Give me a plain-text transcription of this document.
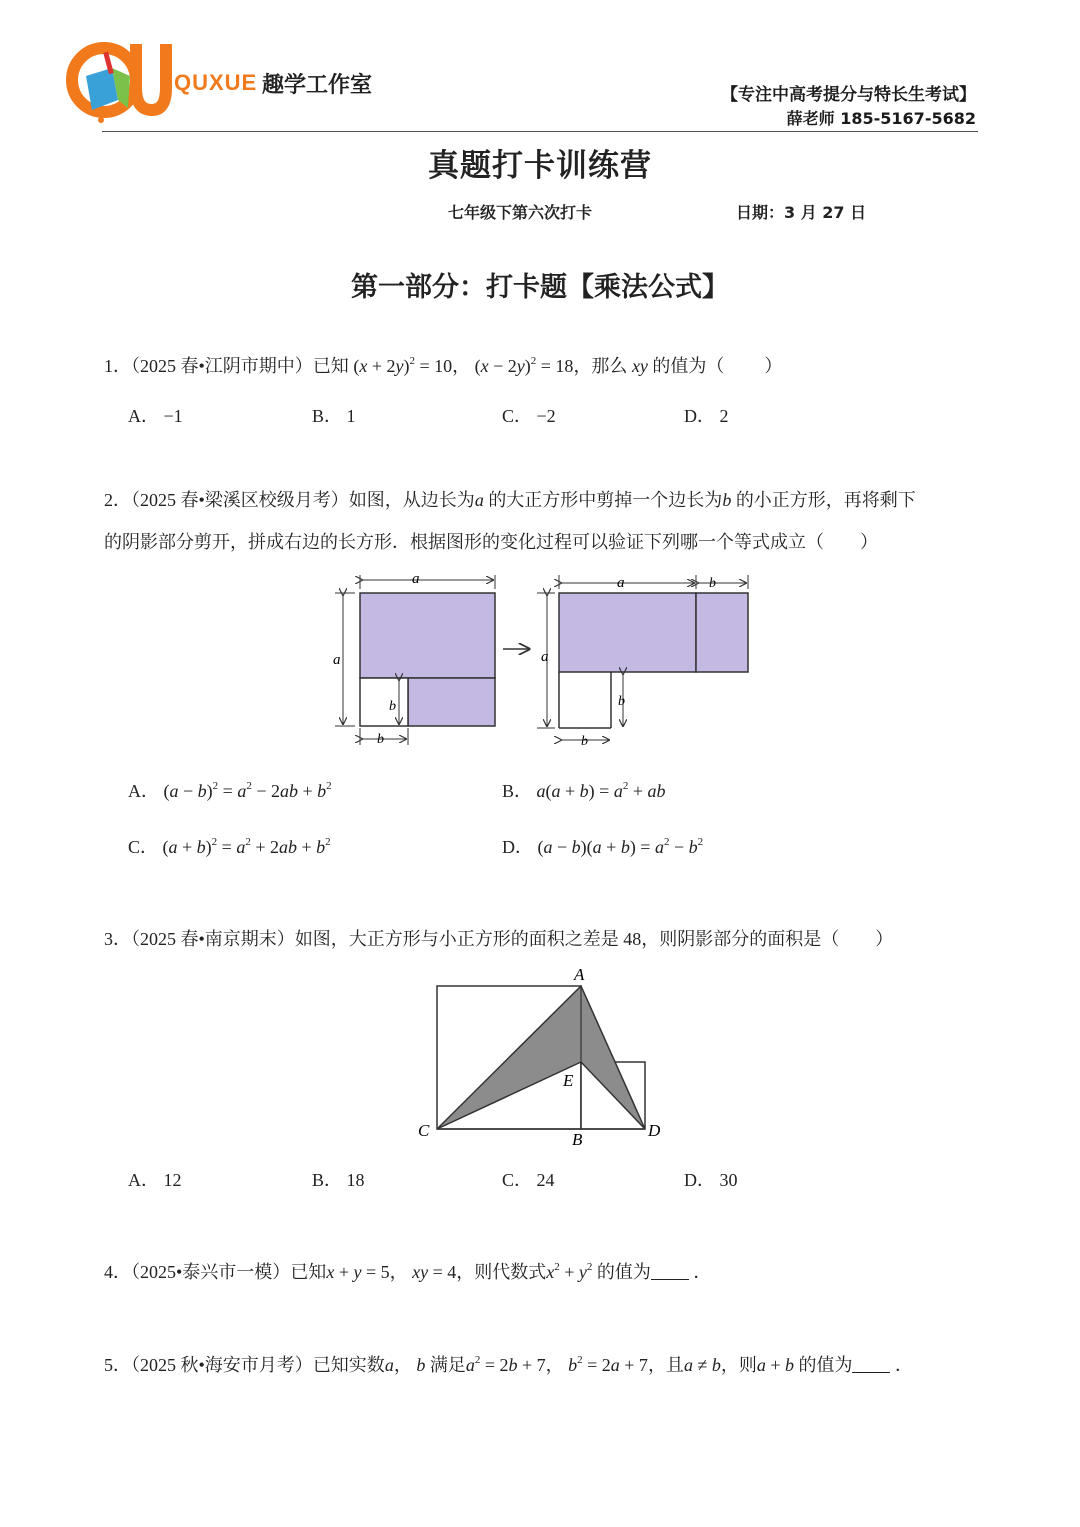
QUXUE 趣学工作室	【专注中高考提分与特长生考试】
薛老师 185-5167-5682
真题打卡训练营
七年级下第六次打卡	日期：3 月 27 日
第一部分：打卡题【乘法公式】
1．（2025 春•江阴市期中）已知 $(x + 2y)^2 = 10$， $(x - 2y)^2 = 18$，那么 xy 的值为（ ）
A． −1	B． 1	C． −2	D． 2
2．（2025 春•梁溪区校级月考）如图，从边长为a 的大正方形中剪掉一个边长为b 的小正方形，再将剩下
的阴影部分剪开，拼成右边的长方形．根据图形的变化过程可以验证下列哪一个等式成立（　　）
a
a
b
b
a	b
a
b
b
A． $(a - b)^2 = a^2 - 2ab + b^2$	B． $a(a + b) = a^2$ + ab
C． $(a + b)^2 = a^2 + 2ab + b^2$	D． $(a - b)(a + b) = a^2 - b^2$
3．（2025 春•南京期末）如图，大正方形与小正方形的面积之差是 48，则阴影部分的面积是（　　）
A
E
C	B	D
A． 12	B． 18	C． 24	D． 30
4．（2025•泰兴市一模）已知x + y = 5， xy = 4，则代数式$x^2 + y^2$ 的值为 ．
5．（2025 秋•海安市月考）已知实数a， b 满足$a^2 = 2b + 7$， $b^2 = 2a + 7$，且a ≠ b，则a + b 的值为 ．
